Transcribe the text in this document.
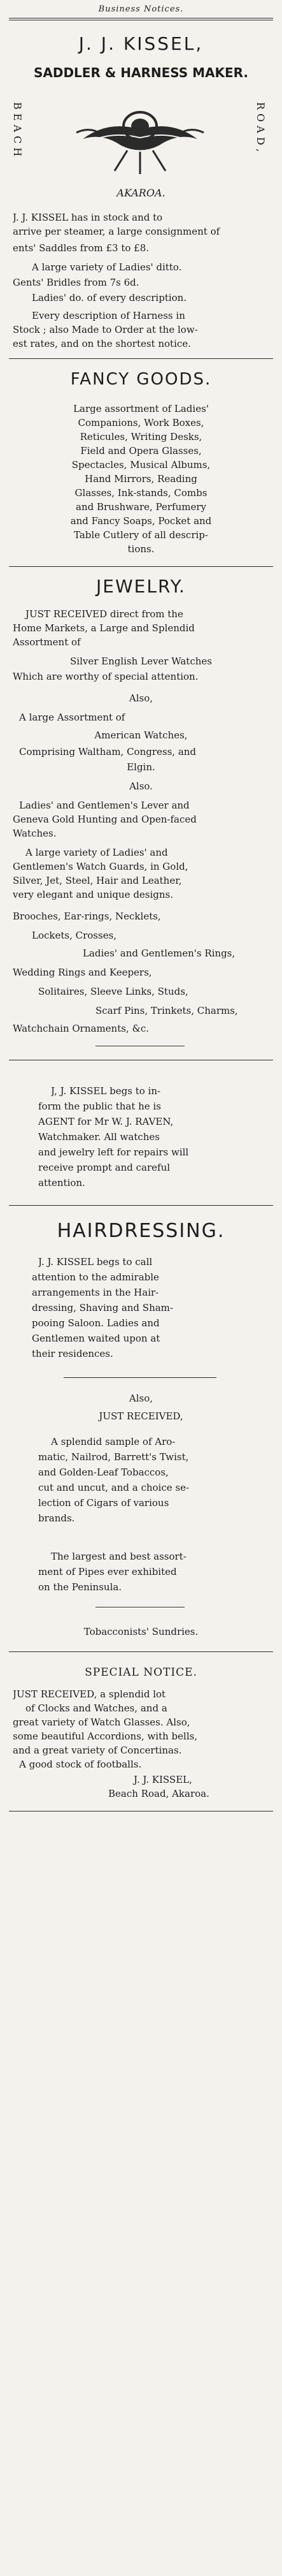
Business Notices.
J. J. KISSEL,
SADDLER & HARNESS MAKER.
BEACH	ROAD,
AKAROA.
J. J. KISSEL has in stock and to
arrive per steamer, a large consignment of
ents' Saddles from £3 to £8.
A large variety of Ladies' ditto.
Gents' Bridles from 7s 6d.
Ladies' do. of every description.
Every description of Harness in
Stock ; also Made to Order at the low-
est rates, and on the shortest notice.
FANCY GOODS.
Large assortment of Ladies'
Companions, Work Boxes,
Reticules, Writing Desks,
Field and Opera Glasses,
Spectacles, Musical Albums,
Hand Mirrors, Reading
Glasses, Ink-stands, Combs
and Brushware, Perfumery
and Fancy Soaps, Pocket and
Table Cutlery of all descrip-
tions.
JEWELRY.
JUST RECEIVED direct from the
Home Markets, a Large and Splendid
Assortment of
Silver English Lever Watches
Which are worthy of special attention.
Also,
A large Assortment of
American Watches,
Comprising Waltham, Congress, and
Elgin.
Also.
Ladies' and Gentlemen's Lever and
Geneva Gold Hunting and Open-faced
Watches.
A large variety of Ladies' and
Gentlemen's Watch Guards, in Gold,
Silver, Jet, Steel, Hair and Leather,
very elegant and unique designs.
Brooches, Ear-rings, Necklets,
Lockets, Crosses,
Ladies' and Gentlemen's Rings,
Wedding Rings and Keepers,
Solitaires, Sleeve Links, Studs,
Scarf Pins, Trinkets, Charms,
Watchchain Ornaments, &c.
J, J. KISSEL begs to in-
form the public that he is
AGENT for Mr W. J. RAVEN,
Watchmaker. All watches
and jewelry left for repairs will
receive prompt and careful
attention.
HAIRDRESSING.
J. J. KISSEL begs to call
attention to the admirable
arrangements in the Hair-
dressing, Shaving and Sham-
pooing Saloon. Ladies and
Gentlemen waited upon at
their residences.
Also,
JUST RECEIVED,
A splendid sample of Aro-
matic, Nailrod, Barrett's Twist,
and Golden-Leaf Tobaccos,
cut and uncut, and a choice se-
lection of Cigars of various
brands.
The largest and best assort-
ment of Pipes ever exhibited
on the Peninsula.
Tobacconists' Sundries.
SPECIAL NOTICE.
JUST RECEIVED, a splendid lot
of Clocks and Watches, and a
great variety of Watch Glasses. Also,
some beautiful Accordions, with bells,
and a great variety of Concertinas.
A good stock of footballs.
J. J. KISSEL,
Beach Road, Akaroa.
